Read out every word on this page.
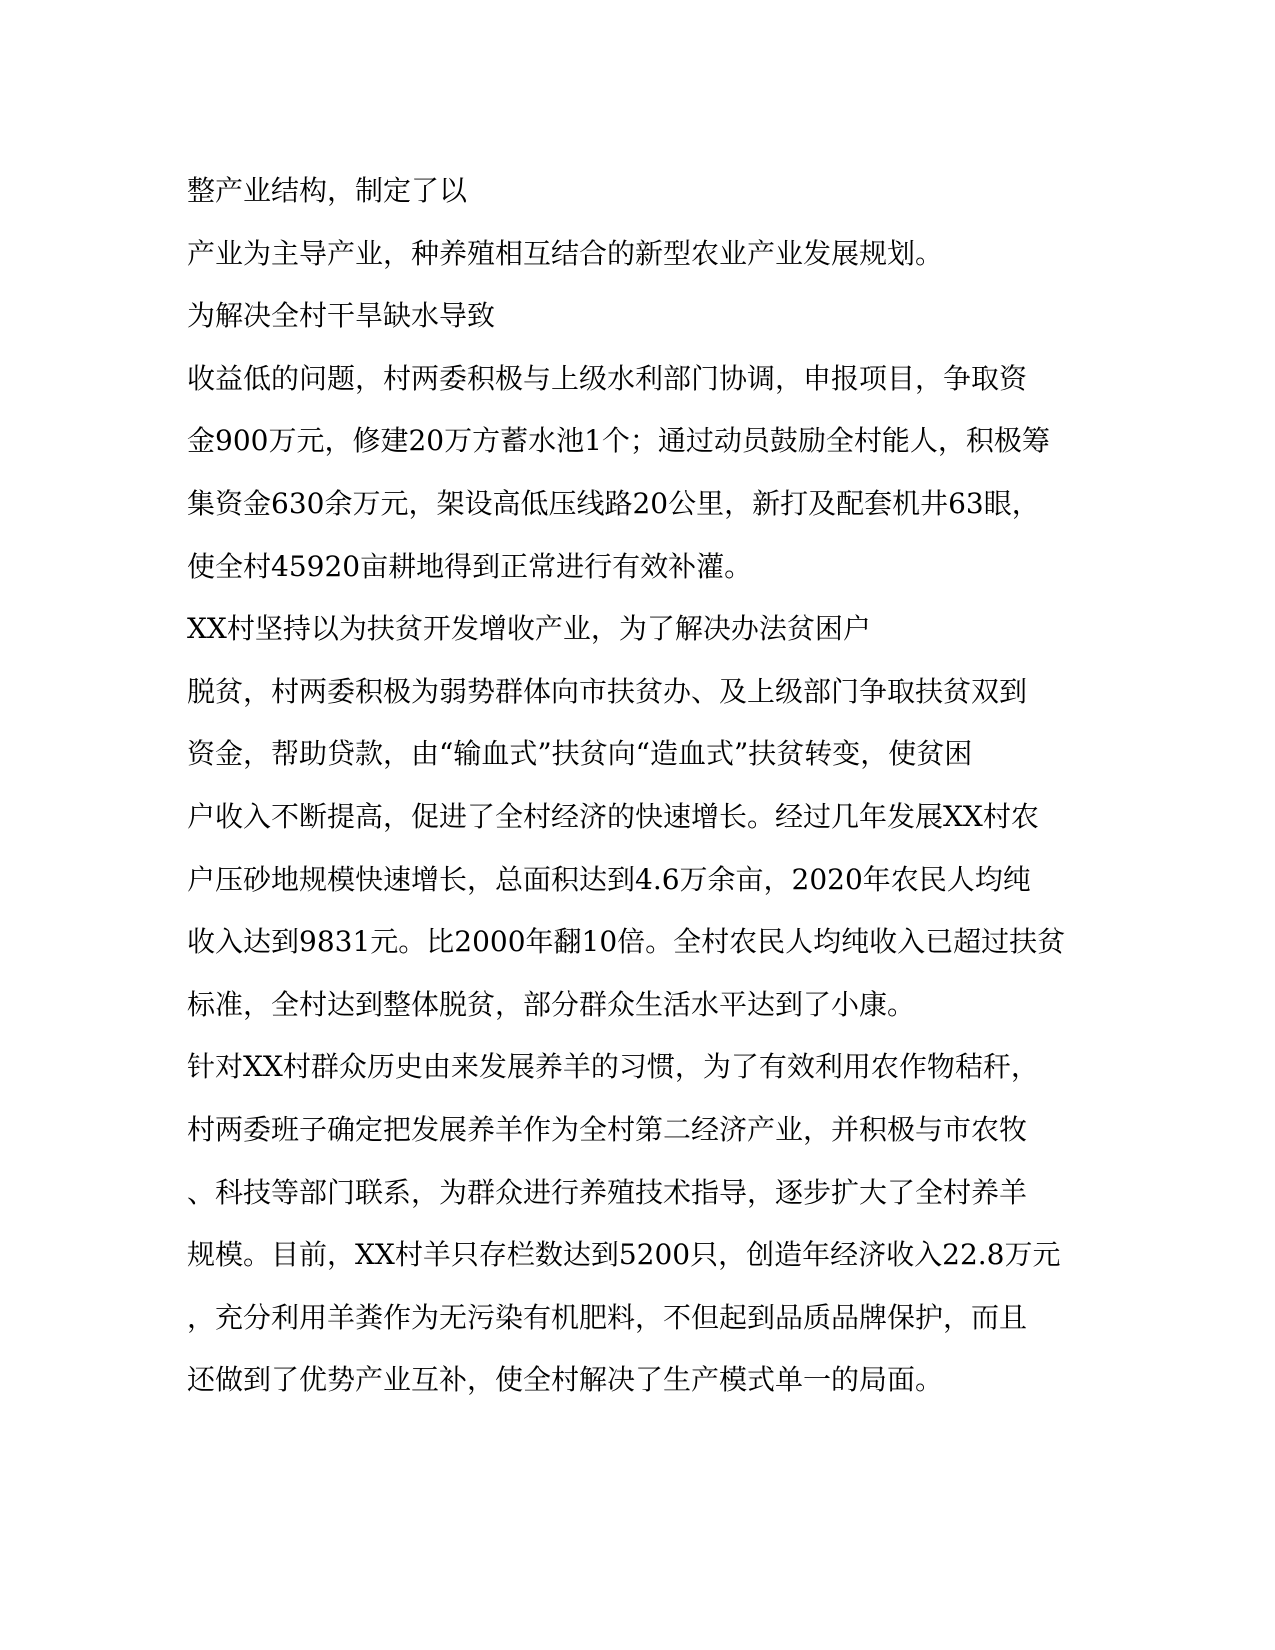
整产业结构，制定了以
产业为主导产业，种养殖相互结合的新型农业产业发展规划。
为解决全村干旱缺水导致
收益低的问题，村两委积极与上级水利部门协调，申报项目，争取资
金900万元，修建20万方蓄水池1个；通过动员鼓励全村能人，积极筹
集资金630余万元，架设高低压线路20公里，新打及配套机井63眼，
使全村45920亩耕地得到正常进行有效补灌。
XX村坚持以为扶贫开发增收产业，为了解决办法贫困户
脱贫，村两委积极为弱势群体向市扶贫办、及上级部门争取扶贫双到
资金，帮助贷款，由“输血式”扶贫向“造血式”扶贫转变，使贫困
户收入不断提高，促进了全村经济的快速增长。经过几年发展XX村农
户压砂地规模快速增长，总面积达到4.6万余亩，2020年农民人均纯
收入达到9831元。比2000年翻10倍。全村农民人均纯收入已超过扶贫
标准，全村达到整体脱贫，部分群众生活水平达到了小康。
针对XX村群众历史由来发展养羊的习惯，为了有效利用农作物秸秆，
村两委班子确定把发展养羊作为全村第二经济产业，并积极与市农牧
、科技等部门联系，为群众进行养殖技术指导，逐步扩大了全村养羊
规模。目前，XX村羊只存栏数达到5200只，创造年经济收入22.8万元
，充分利用羊粪作为无污染有机肥料，不但起到品质品牌保护，而且
还做到了优势产业互补，使全村解决了生产模式单一的局面。
